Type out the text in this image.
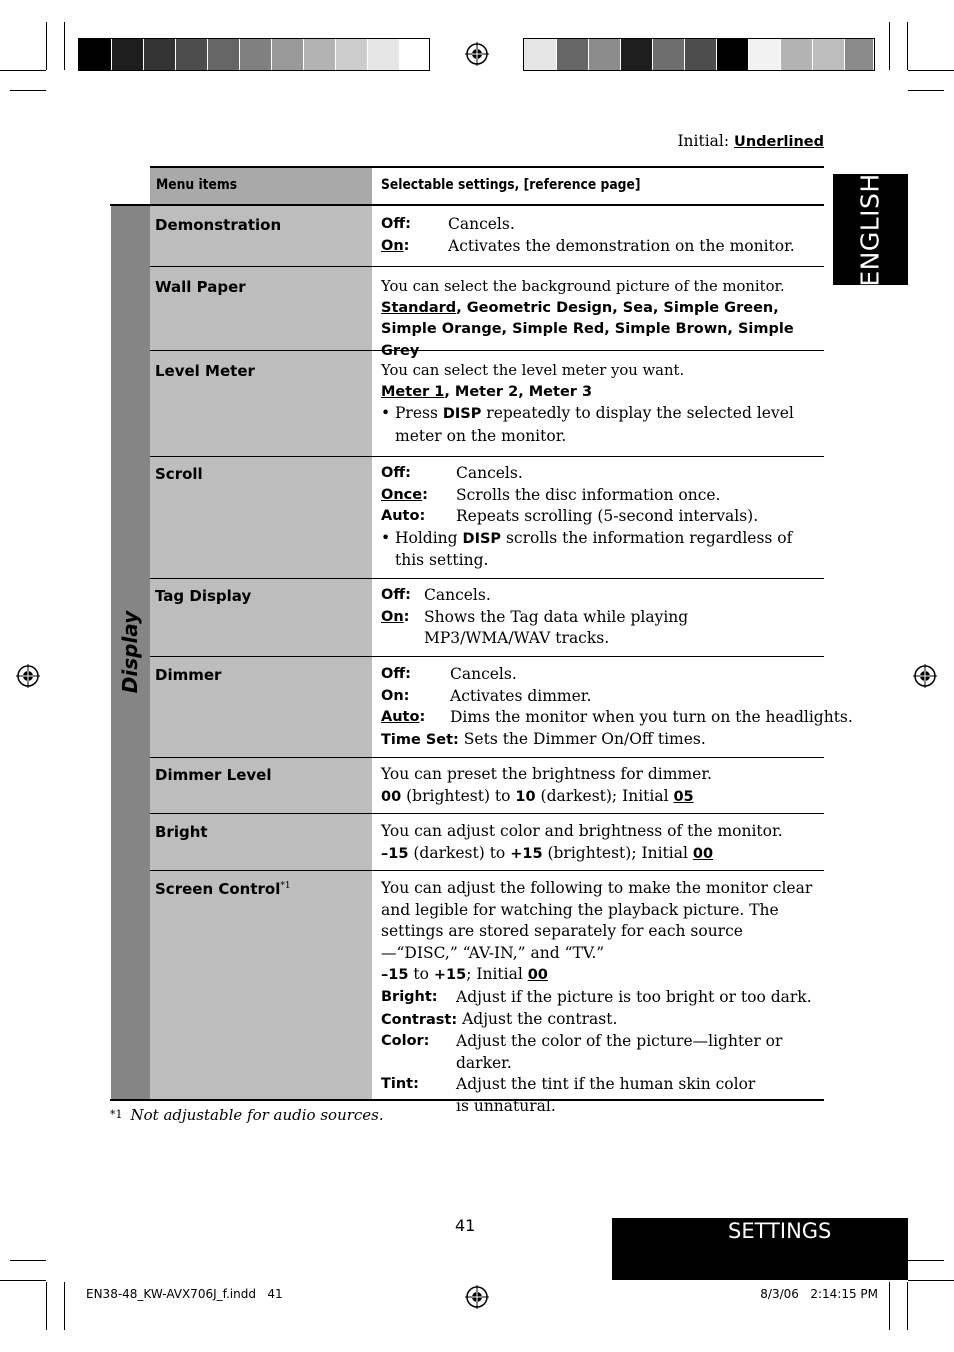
Initial: Underlined
ENGLISH
Menu items	Selectable settings, [reference page]
Display
Demonstration	Off:	Cancels.
On:	Activates the demonstration on the monitor.
Wall Paper	You can select the background picture of the monitor.
Standard, Geometric Design, Sea, Simple Green, Simple Orange, Simple Red, Simple Brown, Simple Grey
Level Meter	You can select the level meter you want.
Meter 1, Meter 2, Meter 3
• Press DISP repeatedly to display the selected level meter on the monitor.
Scroll	Off:	Cancels.
Once:	Scrolls the disc information once.
Auto:	Repeats scrolling (5-second intervals).
• Holding DISP scrolls the information regardless of this setting.
Tag Display	Off: Cancels.
On: Shows the Tag data while playing MP3/WMA/WAV tracks.
Dimmer	Off:	Cancels.
On:	Activates dimmer.
Auto:	Dims the monitor when you turn on the headlights.
Time Set: Sets the Dimmer On/Off times.
Dimmer Level	You can preset the brightness for dimmer.
00 (brightest) to 10 (darkest); Initial 05
Bright	You can adjust color and brightness of the monitor.
–15 (darkest) to +15 (brightest); Initial 00
Screen Control$^{*1}$	You can adjust the following to make the monitor clear and legible for watching the playback picture. The settings are stored separately for each source—“DISC,” “AV-IN,” and “TV.”
–15 to +15; Initial 00
Bright:	Adjust if the picture is too bright or too dark.
Contrast: Adjust the contrast.
Color:	Adjust the color of the picture—lighter or darker.
Tint:	Adjust the tint if the human skin color is unnatural.
*1 Not adjustable for audio sources.
41	SETTINGS
EN38-48_KW-AVX706J_f.indd   41	8/3/06   2:14:15 PM
